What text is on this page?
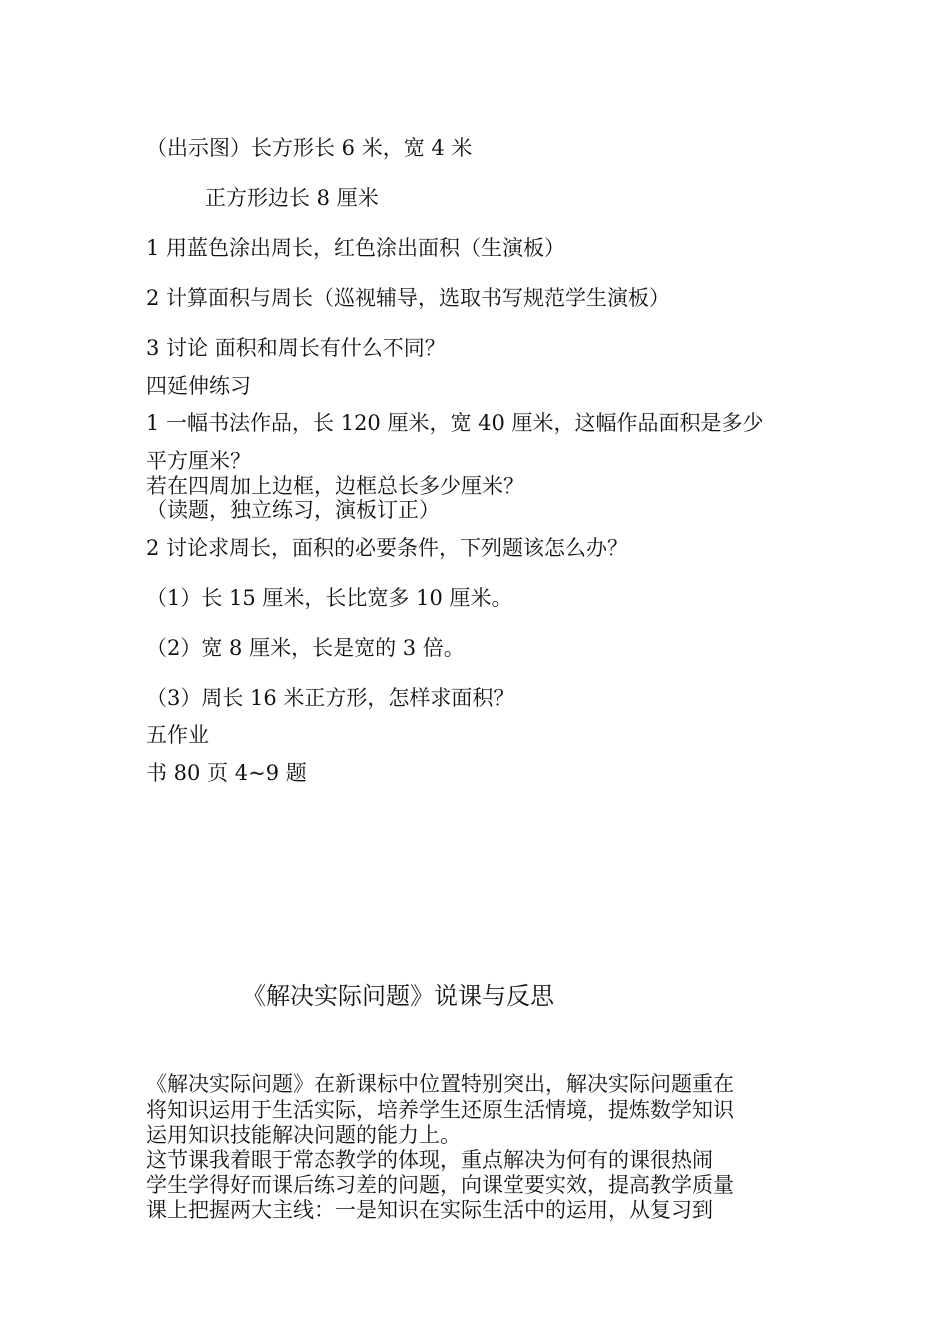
（出示图）长方形长 6 米，宽 4 米
正方形边长 8 厘米
1 用蓝色涂出周长，红色涂出面积（生演板）
2 计算面积与周长（巡视辅导，选取书写规范学生演板）
3 讨论 面积和周长有什么不同？
四延伸练习
1 一幅书法作品，长 120 厘米，宽 40 厘米，这幅作品面积是多少
平方厘米？
若在四周加上边框，边框总长多少厘米？
（读题，独立练习，演板订正）
2 讨论求周长，面积的必要条件，下列题该怎么办？
（1）长 15 厘米，长比宽多 10 厘米。
（2）宽 8 厘米，长是宽的 3 倍。
（3）周长 16 米正方形，怎样求面积？
五作业
书 80 页 4~9 题
《解决实际问题》说课与反思
《解决实际问题》在新课标中位置特别突出，解决实际问题重在
将知识运用于生活实际，培养学生还原生活情境，提炼数学知识
运用知识技能解决问题的能力上。
这节课我着眼于常态教学的体现，重点解决为何有的课很热闹
学生学得好而课后练习差的问题，向课堂要实效，提高教学质量
课上把握两大主线：一是知识在实际生活中的运用，从复习到
